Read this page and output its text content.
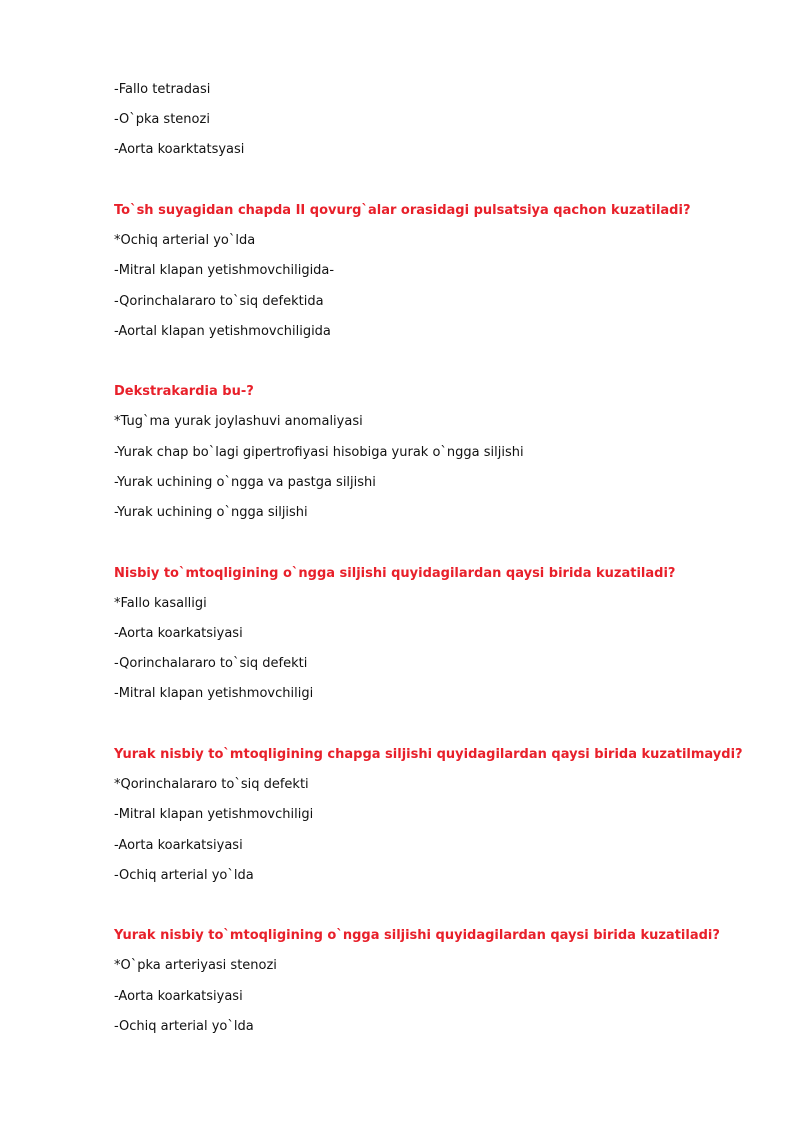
-Fallo tetradasi
-O`pka stenozi
-Aorta koarktatsyasi
To`sh suyagidan chapda II qovurg`alar orasidagi pulsatsiya qachon kuzatiladi?
*Ochiq arterial yo`lda
-Mitral klapan yetishmovchiligida-
-Qorinchalararo to`siq defektida
-Aortal klapan yetishmovchiligida
Dekstrakardia bu-?
*Tug`ma yurak joylashuvi anomaliyasi
-Yurak chap bo`lagi gipertrofiyasi hisobiga yurak o`ngga siljishi
-Yurak uchining o`ngga va pastga siljishi
-Yurak uchining o`ngga siljishi
Nisbiy to`mtoqligining o`ngga siljishi quyidagilardan qaysi birida kuzatiladi?
*Fallo kasalligi
-Aorta koarkatsiyasi
-Qorinchalararo to`siq defekti
-Mitral klapan yetishmovchiligi
Yurak nisbiy to`mtoqligining chapga siljishi quyidagilardan qaysi birida kuzatilmaydi?
*Qorinchalararo to`siq defekti
-Mitral klapan yetishmovchiligi
-Aorta koarkatsiyasi
-Ochiq arterial yo`lda
Yurak nisbiy to`mtoqligining o`ngga siljishi quyidagilardan qaysi birida kuzatiladi?
*O`pka arteriyasi stenozi
-Aorta koarkatsiyasi
-Ochiq arterial yo`lda
